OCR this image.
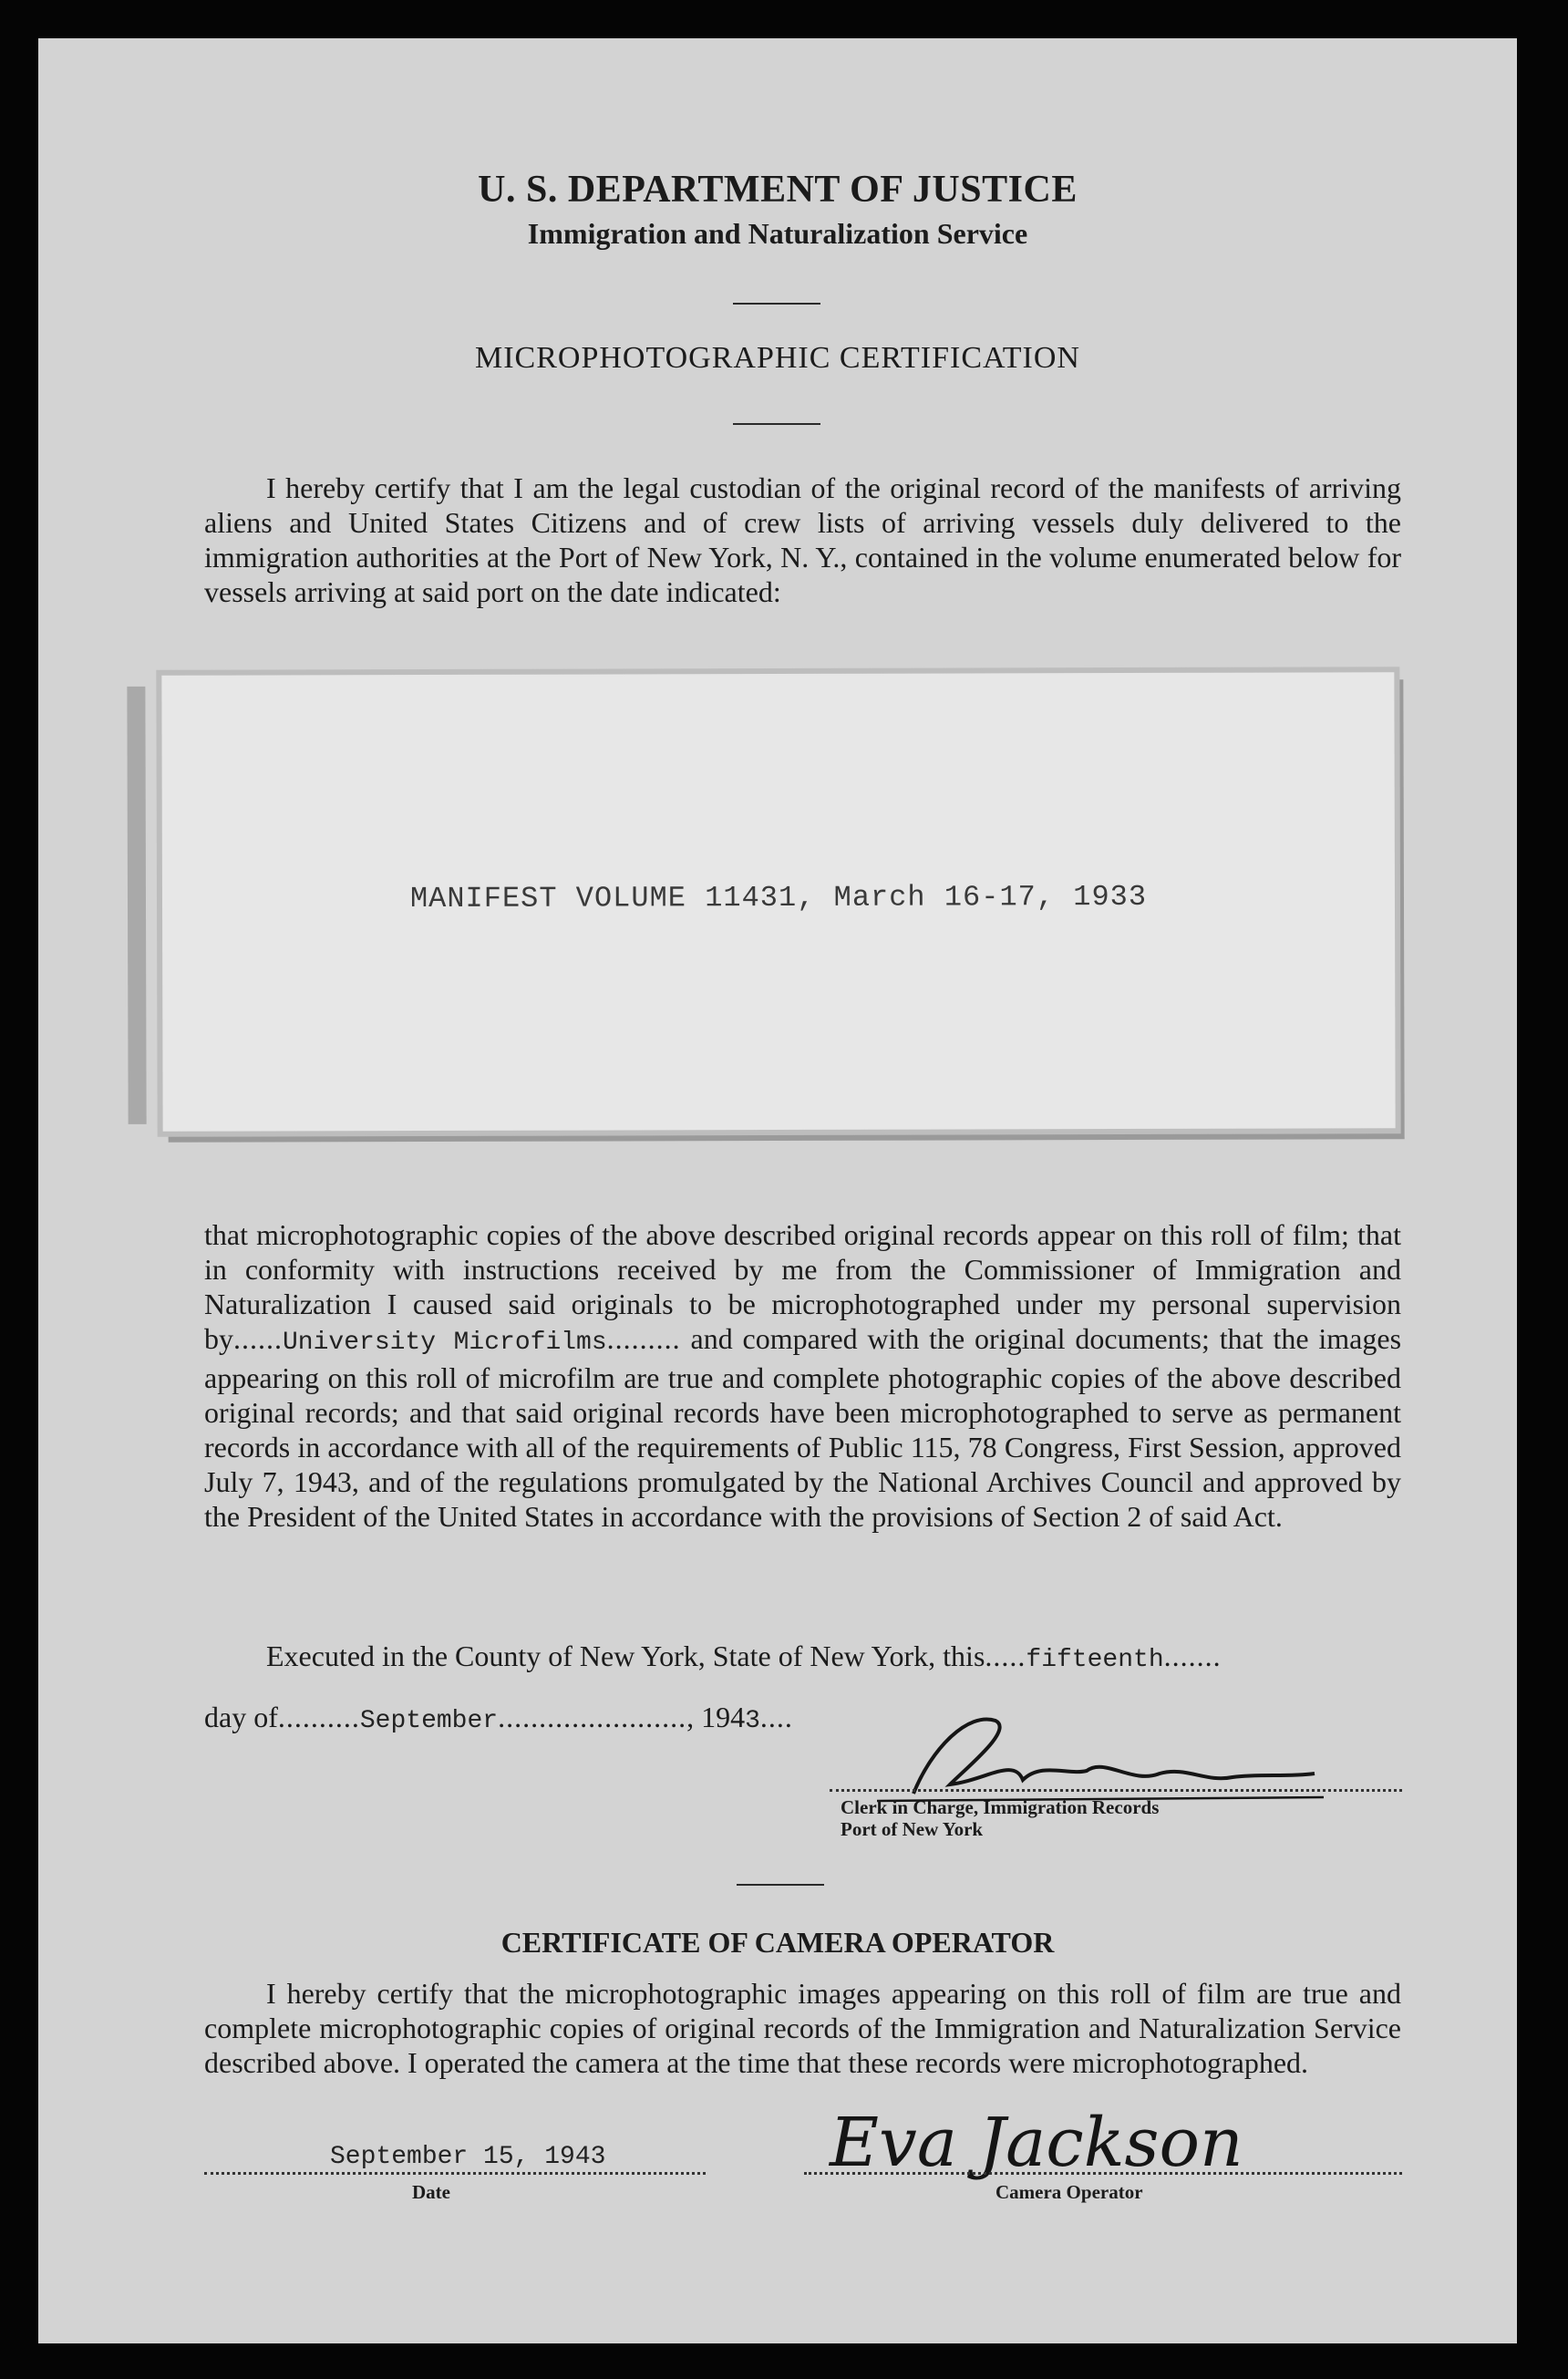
U. S. DEPARTMENT OF JUSTICE
Immigration and Naturalization Service
MICROPHOTOGRAPHIC CERTIFICATION
I hereby certify that I am the legal custodian of the original record of the manifests of arriving aliens and United States Citizens and of crew lists of arriving vessels duly delivered to the immigration authorities at the Port of New York, N. Y., contained in the volume enumerated below for vessels arriving at said port on the date indicated:
MANIFEST VOLUME 11431, March 16-17, 1933
that microphotographic copies of the above described original records appear on this roll of film; that in conformity with instructions received by me from the Commissioner of Immigration and Naturalization I caused said originals to be microphotographed under my personal supervision by......University Microfilms......... and compared with the original documents; that the images appearing on this roll of microfilm are true and complete photographic copies of the above described original records; and that said original records have been microphotographed to serve as permanent records in accordance with all of the requirements of Public 115, 78 Congress, First Session, approved July 7, 1943, and of the regulations promulgated by the National Archives Council and approved by the President of the United States in accordance with the provisions of Section 2 of said Act.
Executed in the County of New York, State of New York, this.....fifteenth.......
day of..........September......................., 1943....
Clerk in Charge, Immigration Records
Port of New York
CERTIFICATE OF CAMERA OPERATOR
I hereby certify that the microphotographic images appearing on this roll of film are true and complete microphotographic copies of original records of the Immigration and Naturalization Service described above. I operated the camera at the time that these records were microphotographed.
September 15, 1943
Date
Eva Jackson
Camera Operator
